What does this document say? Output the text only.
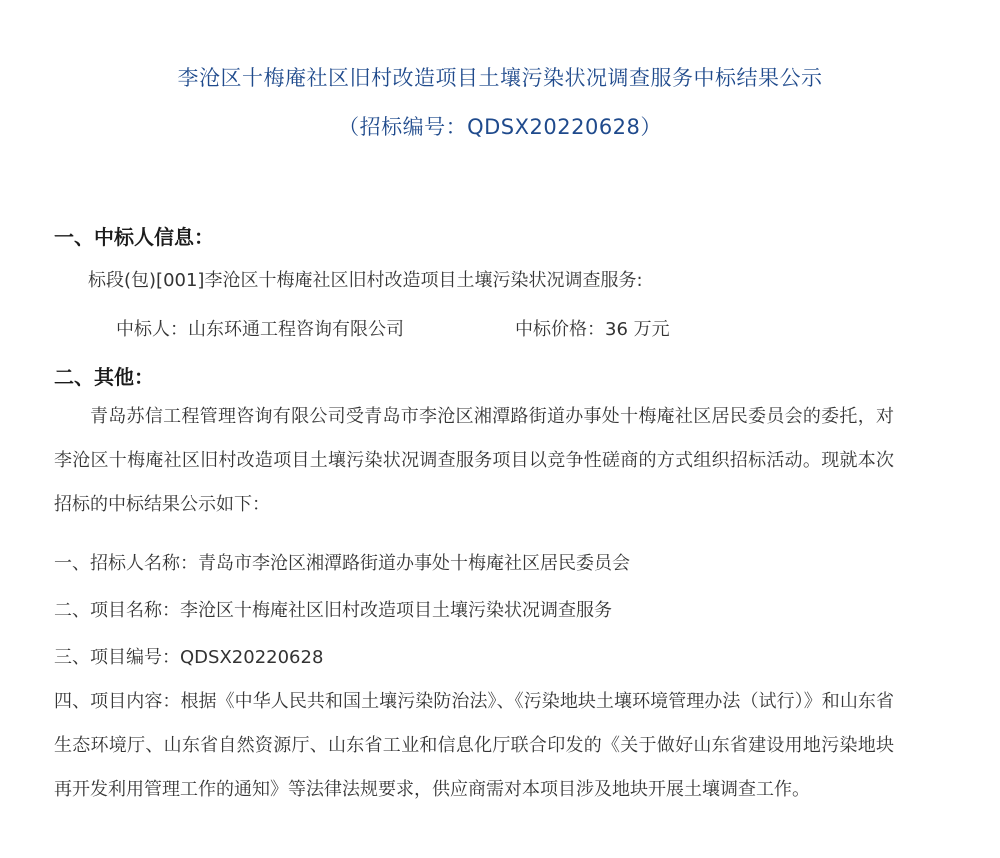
李沧区十梅庵社区旧村改造项目土壤污染状况调查服务中标结果公示
（招标编号：QDSX20220628）
一、中标人信息：
标段(包)[001]李沧区十梅庵社区旧村改造项目土壤污染状况调查服务:
中标人：山东环通工程咨询有限公司	中标价格：36 万元
二、其他：
青岛苏信工程管理咨询有限公司受青岛市李沧区湘潭路街道办事处十梅庵社区居民委员会的委托，对李沧区十梅庵社区旧村改造项目土壤污染状况调查服务项目以竞争性磋商的方式组织招标活动。现就本次招标的中标结果公示如下：
一、招标人名称：青岛市李沧区湘潭路街道办事处十梅庵社区居民委员会
二、项目名称：李沧区十梅庵社区旧村改造项目土壤污染状况调查服务
三、项目编号：QDSX20220628
四、项目内容：根据《中华人民共和国土壤污染防治法》、《污染地块土壤环境管理办法（试行）》和山东省生态环境厅、山东省自然资源厅、山东省工业和信息化厅联合印发的《关于做好山东省建设用地污染地块再开发利用管理工作的通知》等法律法规要求，供应商需对本项目涉及地块开展土壤调查工作。
